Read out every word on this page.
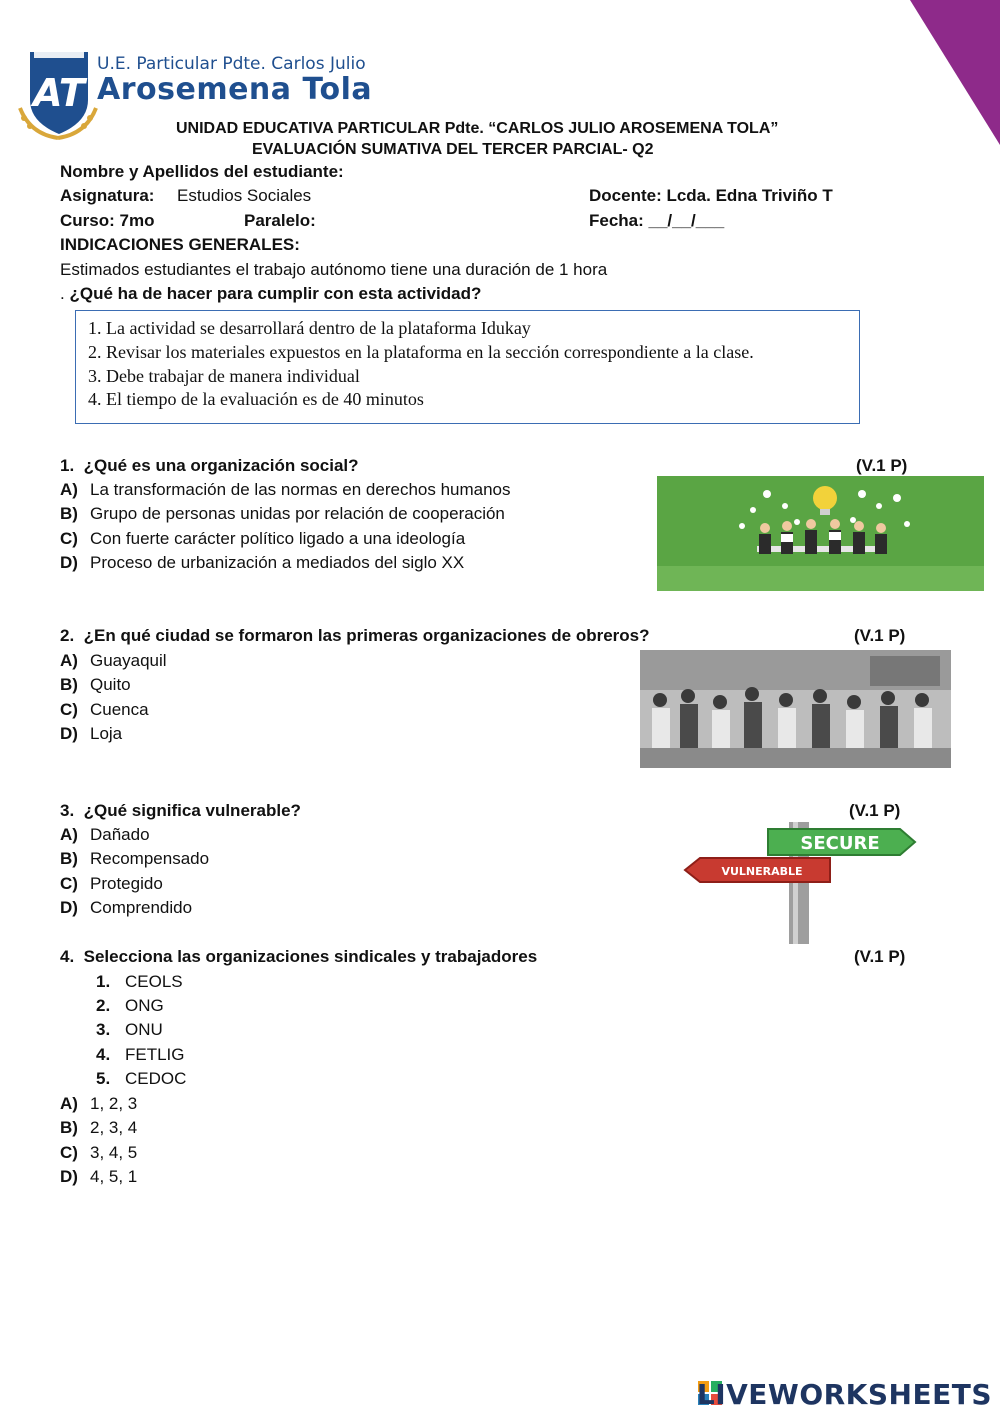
AT
U.E. Particular Pdte. Carlos Julio
Arosemena Tola
UNIDAD EDUCATIVA PARTICULAR Pdte. “CARLOS JULIO AROSEMENA TOLA”
EVALUACIÓN SUMATIVA DEL TERCER PARCIAL- Q2
Nombre y Apellidos del estudiante:
Asignatura: Estudios Sociales	Docente: Lcda. Edna Triviño T
Curso: 7mo	Paralelo:	Fecha: __/__/___
INDICACIONES GENERALES:
Estimados estudiantes el trabajo autónomo tiene una duración de 1 hora
. ¿Qué ha de hacer para cumplir con esta actividad?
1. La actividad se desarrollará dentro de la plataforma Idukay
2. Revisar los materiales expuestos en la plataforma en la sección correspondiente a la clase.
3. Debe trabajar de manera individual
4. El tiempo de la evaluación es de 40 minutos
1. ¿Qué es una organización social?	(V.1 P)
A) La transformación de las normas en derechos humanos
B) Grupo de personas unidas por relación de cooperación
C) Con fuerte carácter político ligado a una ideología
D) Proceso de urbanización a mediados del siglo XX
2. ¿En qué ciudad se formaron las primeras organizaciones de obreros?	(V.1 P)
A) Guayaquil
B) Quito
C) Cuenca
D) Loja
3. ¿Qué significa vulnerable?	(V.1 P)
A) Dañado
B) Recompensado
C) Protegido
D) Comprendido
SECURE
VULNERABLE
4. Selecciona las organizaciones sindicales y trabajadores	(V.1 P)
1. CEOLS
2. ONG
3. ONU
4. FETLIG
5. CEDOC
A) 1, 2, 3
B) 2, 3, 4
C) 3, 4, 5
D) 4, 5, 1
LIVEWORKSHEETS
